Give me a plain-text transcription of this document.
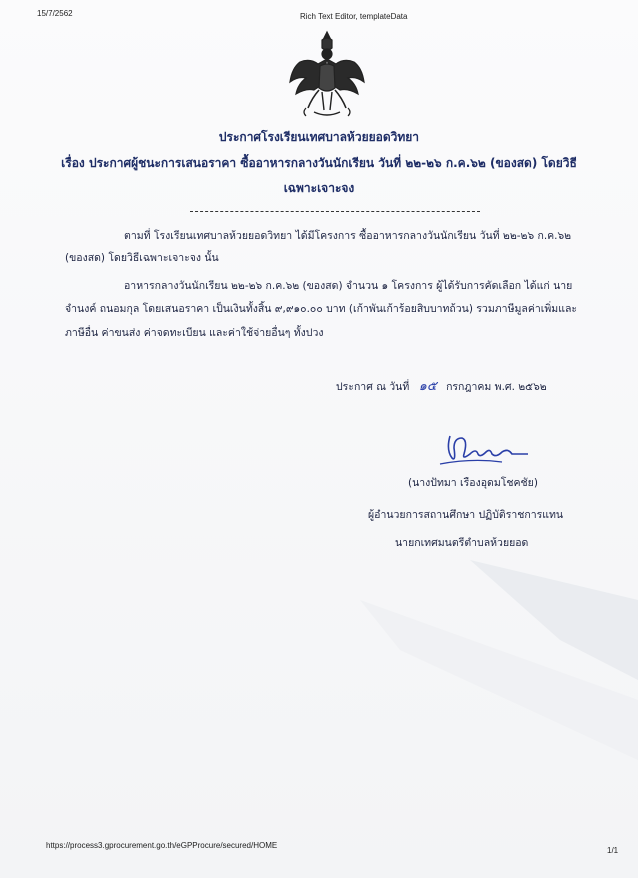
15/7/2562	Rich Text Editor, templateData
ประกาศโรงเรียนเทศบาลห้วยยอดวิทยา
เรื่อง ประกาศผู้ชนะการเสนอราคา ซื้ออาหารกลางวันนักเรียน วันที่ ๒๒-๒๖ ก.ค.๖๒ (ของสด) โดยวิธี
เฉพาะเจาะจง
ตามที่ โรงเรียนเทศบาลห้วยยอดวิทยา ได้มีโครงการ ซื้ออาหารกลางวันนักเรียน วันที่ ๒๒-๒๖ ก.ค.๖๒
(ของสด) โดยวิธีเฉพาะเจาะจง นั้น
อาหารกลางวันนักเรียน ๒๒-๒๖ ก.ค.๖๒ (ของสด) จำนวน ๑ โครงการ ผู้ได้รับการคัดเลือก ได้แก่ นาย
จำนงค์ ถนอมกุล โดยเสนอราคา เป็นเงินทั้งสิ้น ๙,๙๑๐.๐๐ บาท (เก้าพันเก้าร้อยสิบบาทถ้วน) รวมภาษีมูลค่าเพิ่มและ
ภาษีอื่น ค่าขนส่ง ค่าจดทะเบียน และค่าใช้จ่ายอื่นๆ ทั้งปวง
ประกาศ ณ วันที่ ๑๕ กรกฎาคม พ.ศ. ๒๕๖๒
(นางปัทมา เรืองอุดมโชคชัย)
ผู้อำนวยการสถานศึกษา ปฏิบัติราชการแทน
นายกเทศมนตรีตำบลห้วยยอด
https://process3.gprocurement.go.th/eGPProcure/secured/HOME
1/1
